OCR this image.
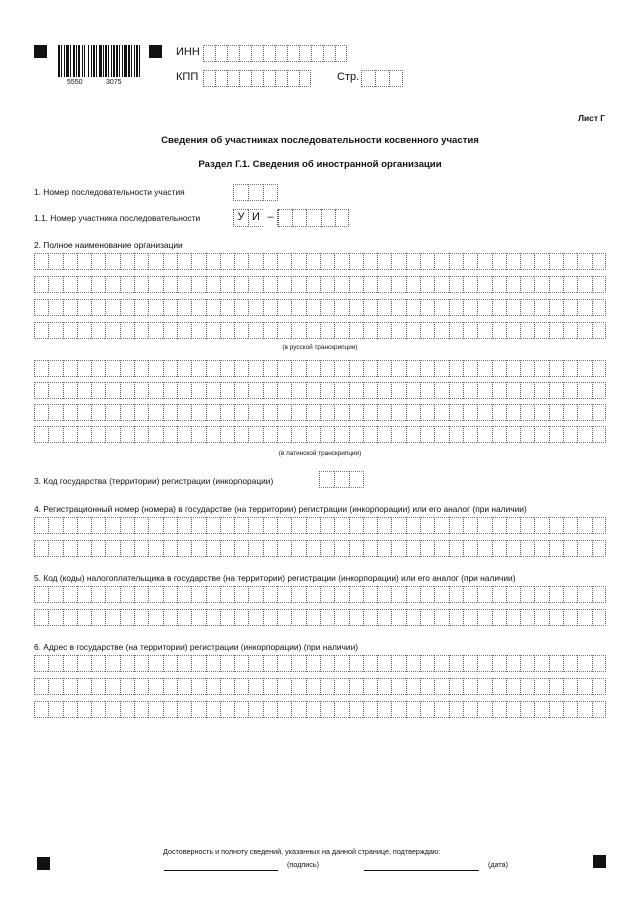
5550	3075
ИНН
КПП	Стр.
Лист Г
Сведения об участниках последовательности косвенного участия
Раздел Г.1. Сведения об иностранной организации
1. Номер последовательности участия
1.1. Номер участника последовательности	У И –
2. Полное наименование организации
(в русской транскрипции)
(в латинской транскрипции)
3. Код государства (территории) регистрации (инкорпорации)
4. Регистрационный номер (номера) в государстве (на территории) регистрации (инкорпорации) или его аналог (при наличии)
5. Код (коды) налогоплательщика в государстве (на территории) регистрации (инкорпорации) или его аналог (при наличии)
6. Адрес в государстве (на территории) регистрации (инкорпорации) (при наличии)
Достоверность и полноту сведений, указанных на данной странице, подтверждаю:
(подпись)	(дата)
